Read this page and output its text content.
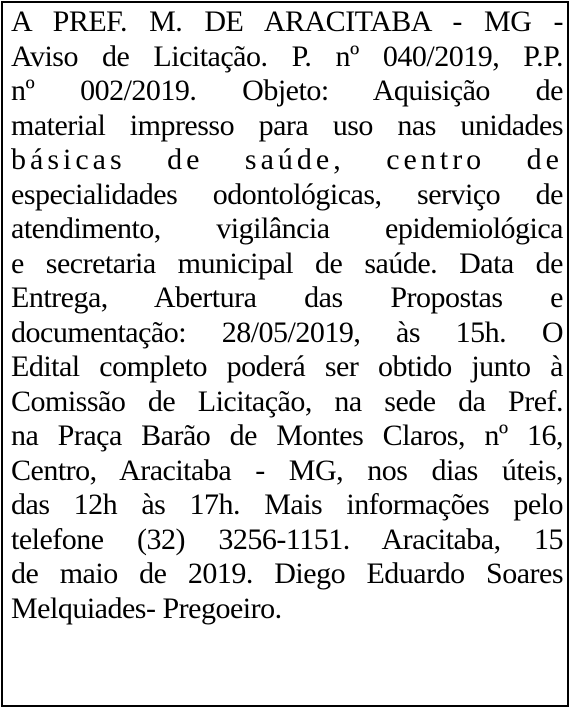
A PREF. M. DE ARACITABA - MG -
Aviso de Licitação. P. nº 040/2019, P.P.
nº 002/2019. Objeto: Aquisição de
material impresso para uso nas unidades
básicas de saúde, centro de
especialidades odontológicas, serviço de
atendimento, vigilância epidemiológica
e secretaria municipal de saúde. Data de
Entrega, Abertura das Propostas e
documentação: 28/05/2019, às 15h. O
Edital completo poderá ser obtido junto à
Comissão de Licitação, na sede da Pref.
na Praça Barão de Montes Claros, nº 16,
Centro, Aracitaba - MG, nos dias úteis,
das 12h às 17h. Mais informações pelo
telefone (32) 3256-1151. Aracitaba, 15
de maio de 2019. Diego Eduardo Soares
Melquiades- Pregoeiro.
